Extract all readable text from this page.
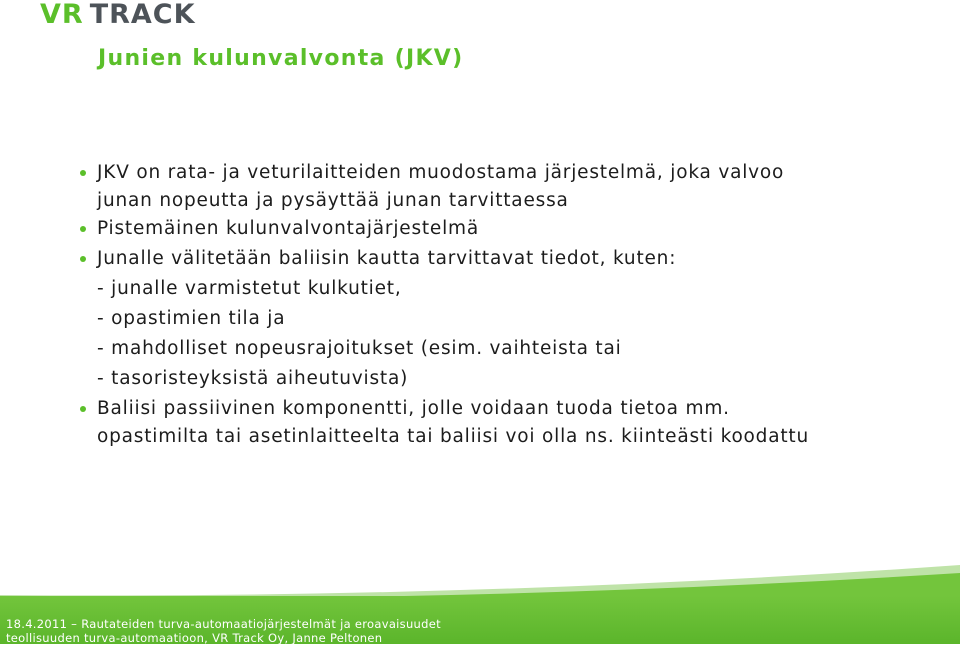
VR TRACK
Junien kulunvalvonta (JKV)
JKV on rata- ja veturilaitteiden muodostama järjestelmä, joka valvoo
junan nopeutta ja pysäyttää junan tarvittaessa
Pistemäinen kulunvalvontajärjestelmä
Junalle välitetään baliisin kautta tarvittavat tiedot, kuten:
- junalle varmistetut kulkutiet,
- opastimien tila ja
- mahdolliset nopeusrajoitukset (esim. vaihteista tai
- tasoristeyksistä aiheutuvista)
Baliisi passiivinen komponentti, jolle voidaan tuoda tietoa mm.
opastimilta tai asetinlaitteelta tai baliisi voi olla ns. kiinteästi koodattu
18.4.2011 – Rautateiden turva-automaatiojärjestelmät ja eroavaisuudet
teollisuuden turva-automaatioon, VR Track Oy, Janne Peltonen
